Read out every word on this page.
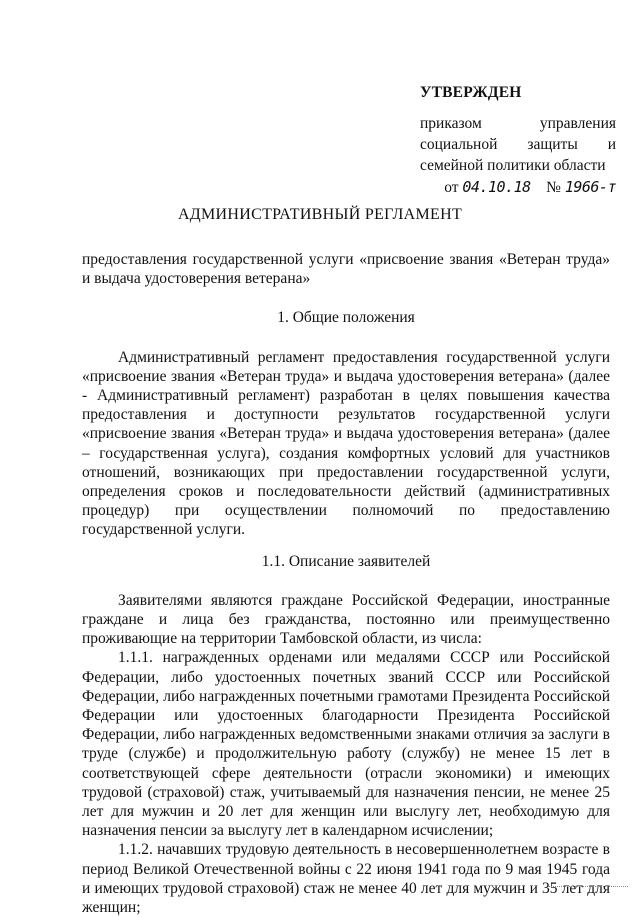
УТВЕРЖДЕН
приказом управления
социальной защиты и
семейной политики области
от 04.10.18 № 1966-т
АДМИНИСТРАТИВНЫЙ РЕГЛАМЕНТ

предоставления государственной услуги «присвоение звания «Ветеран труда» и выдача удостоверения ветерана»

1. Общие положения

Административный регламент предоставления государственной услуги «присвоение звания «Ветеран труда» и выдача удостоверения ветерана» (далее - Административный регламент) разработан в целях повышения качества предоставления и доступности результатов государственной услуги «присвоение звания «Ветеран труда» и выдача удостоверения ветерана» (далее – государственная услуга), создания комфортных условий для участников отношений, возникающих при предоставлении государственной услуги, определения сроков и последовательности действий (административных процедур) при осуществлении полномочий по предоставлению государственной услуги.

1.1. Описание заявителей

Заявителями являются граждане Российской Федерации, иностранные граждане и лица без гражданства, постоянно или преимущественно проживающие на территории Тамбовской области, из числа:

1.1.1. награжденных орденами или медалями СССР или Российской Федерации, либо удостоенных почетных званий СССР или Российской Федерации, либо награжденных почетными грамотами Президента Российской Федерации или удостоенных благодарности Президента Российской Федерации, либо награжденных ведомственными знаками отличия за заслуги в труде (службе) и продолжительную работу (службу) не менее 15 лет в соответствующей сфере деятельности (отрасли экономики) и имеющих трудовой (страховой) стаж, учитываемый для назначения пенсии, не менее 25 лет для мужчин и 20 лет для женщин или выслугу лет, необходимую для назначения пенсии за выслугу лет в календарном исчислении;

1.1.2. начавших трудовую деятельность в несовершеннолетнем возрасте в период Великой Отечественной войны с 22 июня 1941 года по 9 мая 1945 года и имеющих трудовой страховой) стаж не менее 40 лет для мужчин и 35 лет для женщин;
